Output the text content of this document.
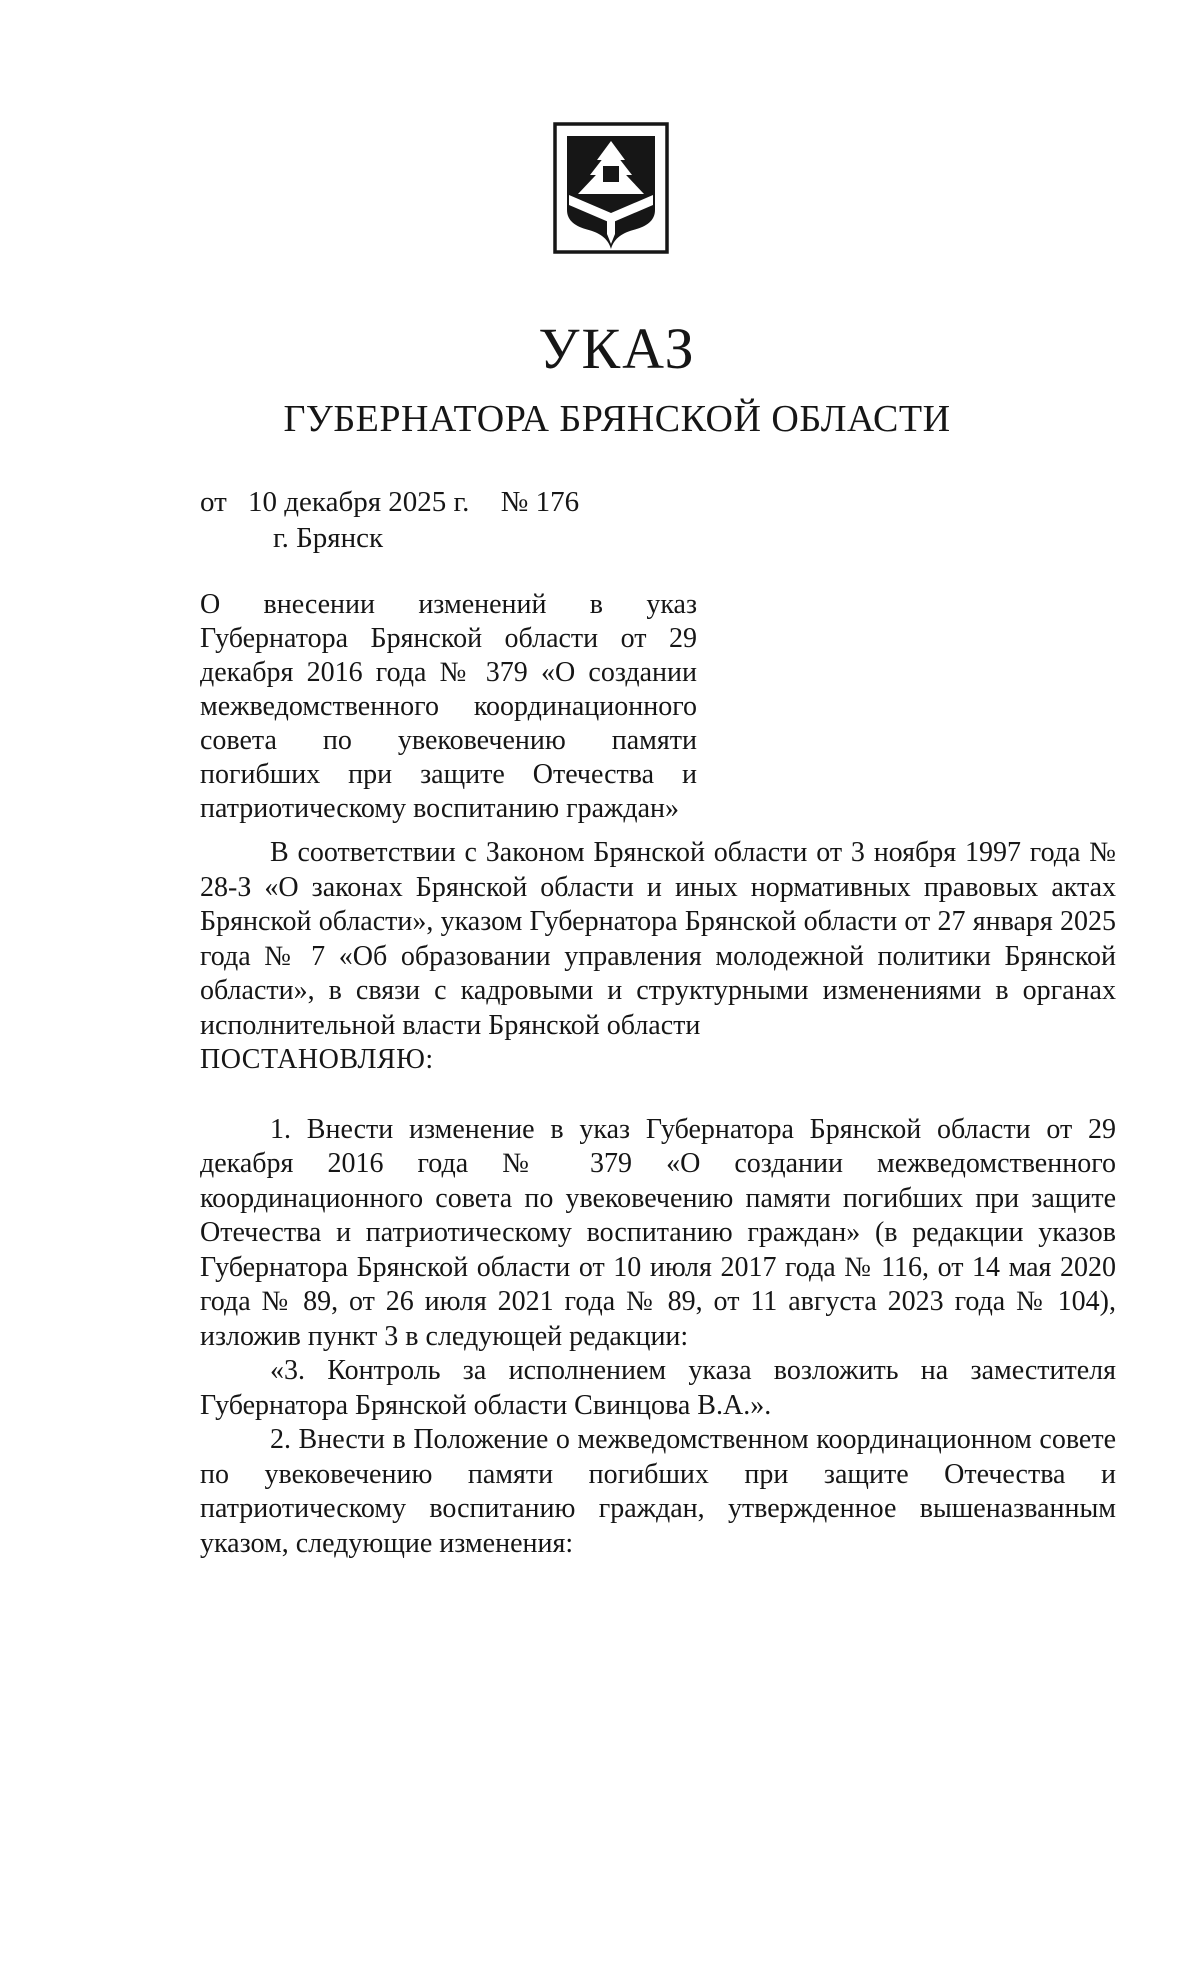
УКАЗ
ГУБЕРНАТОРА БРЯНСКОЙ ОБЛАСТИ
от 10 декабря 2025 г. № 176
г. Брянск
О внесении изменений в указ Губернатора Брянской области от 29 декабря 2016 года № 379 «О создании межведомственного координационного совета по увековечению памяти погибших при защите Отечества и патриотическому воспитанию граждан»

В соответствии с Законом Брянской области от 3 ноября 1997 года № 28-З «О законах Брянской области и иных нормативных правовых актах Брянской области», указом Губернатора Брянской области от 27 января 2025 года № 7 «Об образовании управления молодежной политики Брянской области», в связи с кадровыми и структурными изменениями в органах исполнительной власти Брянской области

ПОСТАНОВЛЯЮ:

1. Внести изменение в указ Губернатора Брянской области от 29 декабря 2016 года № 379 «О создании межведомственного координационного совета по увековечению памяти погибших при защите Отечества и патриотическому воспитанию граждан» (в редакции указов Губернатора Брянской области от 10 июля 2017 года № 116, от 14 мая 2020 года № 89, от 26 июля 2021 года № 89, от 11 августа 2023 года № 104), изложив пункт 3 в следующей редакции:

«3. Контроль за исполнением указа возложить на заместителя Губернатора Брянской области Свинцова В.А.».

2. Внести в Положение о межведомственном координационном совете по увековечению памяти погибших при защите Отечества и патриотическому воспитанию граждан, утвержденное вышеназванным указом, следующие изменения:
